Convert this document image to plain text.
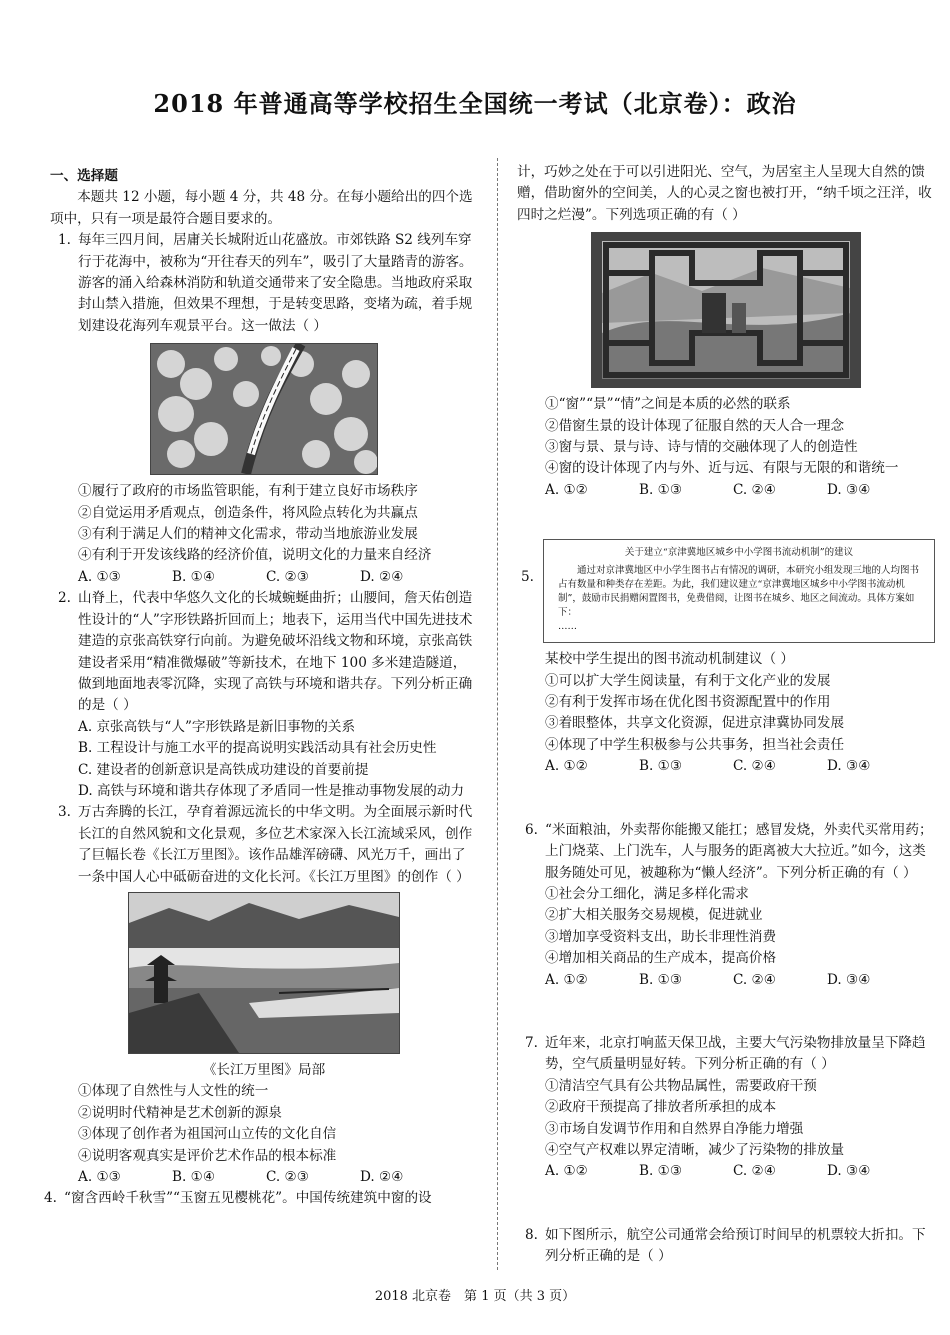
2018 年普通高等学校招生全国统一考试（北京卷）：政治
一、选择题
本题共 12 小题，每小题 4 分，共 48 分。在每小题给出的四个选项中，只有一项是最符合题目要求的。
1. 每年三四月间，居庸关长城附近山花盛放。市郊铁路 S2 线列车穿行于花海中，被称为“开往春天的列车”，吸引了大量踏青的游客。游客的涌入给森林消防和轨道交通带来了安全隐患。当地政府采取封山禁入措施，但效果不理想，于是转变思路，变堵为疏，着手规划建设花海列车观景平台。这一做法（ ）
①履行了政府的市场监管职能，有利于建立良好市场秩序
②自觉运用矛盾观点，创造条件，将风险点转化为共赢点
③有利于满足人们的精神文化需求，带动当地旅游业发展
④有利于开发该线路的经济价值，说明文化的力量来自经济
A. ①③	B. ①④	C. ②③	D. ②④
2. 山脊上，代表中华悠久文化的长城蜿蜒曲折；山腰间，詹天佑创造性设计的“人”字形铁路折回而上；地表下，运用当代中国先进技术建造的京张高铁穿行向前。为避免破坏沿线文物和环境，京张高铁建设者采用“精准微爆破”等新技术，在地下 100 多米建造隧道，做到地面地表零沉降，实现了高铁与环境和谐共存。下列分析正确的是（ ）
A. 京张高铁与“人”字形铁路是新旧事物的关系
B. 工程设计与施工水平的提高说明实践活动具有社会历史性
C. 建设者的创新意识是高铁成功建设的首要前提
D. 高铁与环境和谐共存体现了矛盾同一性是推动事物发展的动力
3. 万古奔腾的长江，孕育着源远流长的中华文明。为全面展示新时代长江的自然风貌和文化景观，多位艺术家深入长江流域采风，创作了巨幅长卷《长江万里图》。该作品雄浑磅礴、风光万千，画出了一条中国人心中砥砺奋进的文化长河。《长江万里图》的创作（ ）
《长江万里图》局部
①体现了自然性与人文性的统一
②说明时代精神是艺术创新的源泉
③体现了创作者为祖国河山立传的文化自信
④说明客观真实是评价艺术作品的根本标准
A. ①③	B. ①④	C. ②③	D. ②④
4. “窗含西岭千秋雪”“玉窗五见樱桃花”。中国传统建筑中窗的设
计，巧妙之处在于可以引进阳光、空气，为居室主人呈现大自然的馈赠，借助窗外的空间美，人的心灵之窗也被打开，“纳千顷之汪洋，收四时之烂漫”。下列选项正确的有（ ）
①“窗”“景”“情”之间是本质的必然的联系
②借窗生景的设计体现了征服自然的天人合一理念
③窗与景、景与诗、诗与情的交融体现了人的创造性
④窗的设计体现了内与外、近与远、有限与无限的和谐统一
A. ①②	B. ①③	C. ②④	D. ③④
5.
关于建立“京津冀地区城乡中小学图书流动机制”的建议
通过对京津冀地区中小学生图书占有情况的调研，本研究小组发现三地的人均图书占有数量和种类存在差距。为此，我们建议建立“京津冀地区城乡中小学图书流动机制”，鼓励市民捐赠闲置图书，免费借阅，让图书在城乡、地区之间流动。具体方案如下：
……
某校中学生提出的图书流动机制建议（ ）
①可以扩大学生阅读量，有利于文化产业的发展
②有利于发挥市场在优化图书资源配置中的作用
③着眼整体，共享文化资源，促进京津冀协同发展
④体现了中学生积极参与公共事务，担当社会责任
A. ①②	B. ①③	C. ②④	D. ③④
6. “米面粮油，外卖帮你能搬又能扛；感冒发烧，外卖代买常用药；上门烧菜、上门洗车，人与服务的距离被大大拉近。”如今，这类服务随处可见，被趣称为“懒人经济”。下列分析正确的有（ ）
①社会分工细化，满足多样化需求
②扩大相关服务交易规模，促进就业
③增加享受资料支出，助长非理性消费
④增加相关商品的生产成本，提高价格
A. ①②	B. ①③	C. ②④	D. ③④
7. 近年来，北京打响蓝天保卫战，主要大气污染物排放量呈下降趋势，空气质量明显好转。下列分析正确的有（ ）
①清洁空气具有公共物品属性，需要政府干预
②政府干预提高了排放者所承担的成本
③市场自发调节作用和自然界自净能力增强
④空气产权难以界定清晰，减少了污染物的排放量
A. ①②	B. ①③	C. ②④	D. ③④
8. 如下图所示，航空公司通常会给预订时间早的机票较大折扣。下列分析正确的是（ ）
2018 北京卷　第 1 页（共 3 页）
